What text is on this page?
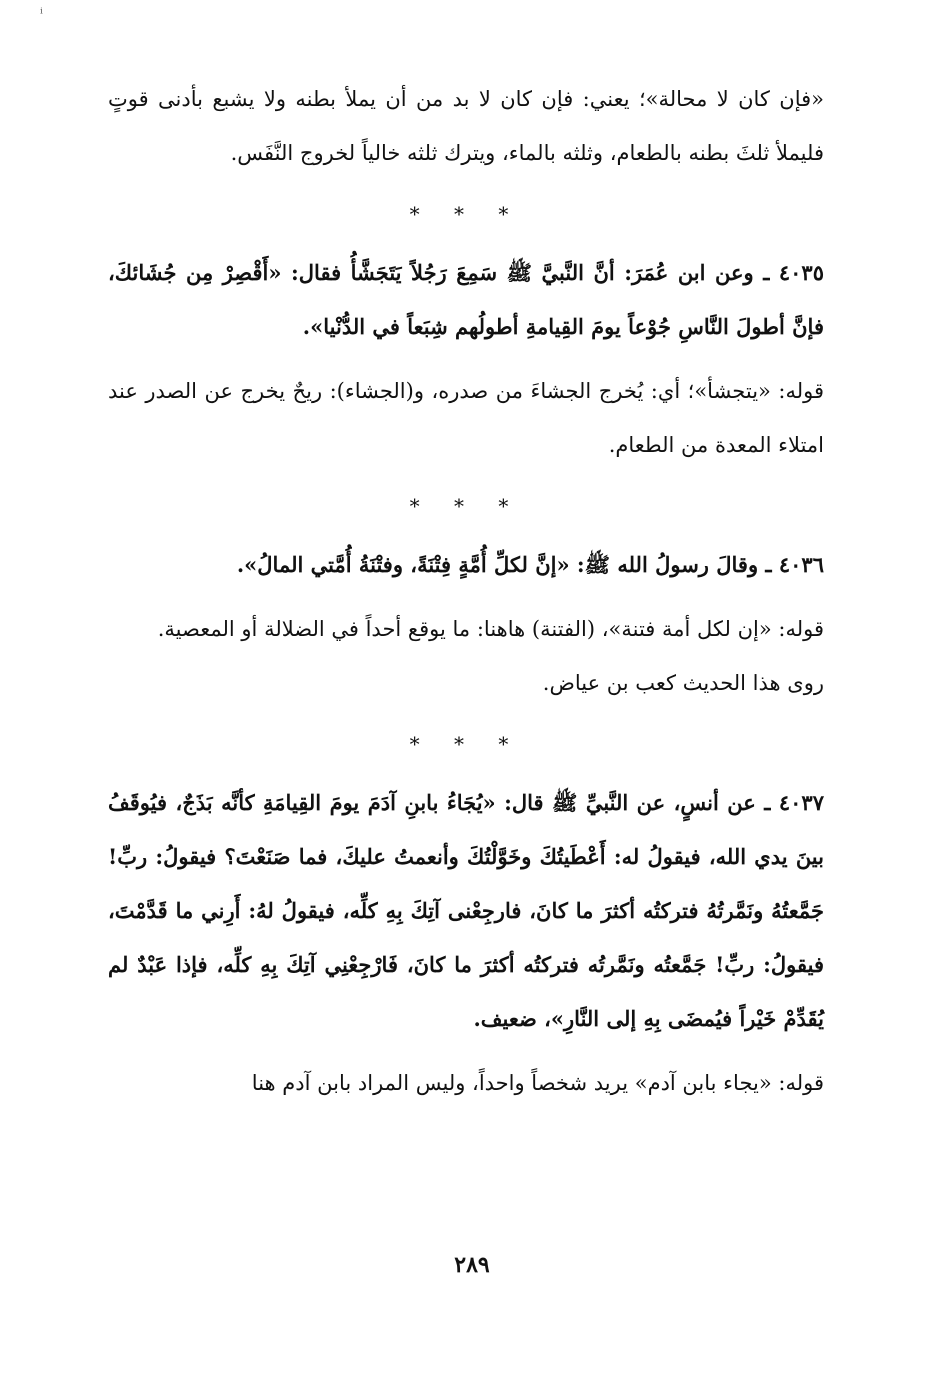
ⁱ

«فإن كان لا محالة»؛ يعني: فإن كان لا بد من أن يملأ بطنه ولا يشبع بأدنى قوتٍ فليملأ ثلثَ بطنه بالطعام، وثلثه بالماء، ويترك ثلثه خالياً لخروج النَّفَس.

* * *

٤٠٣٥ ـ وعن ابن عُمَرَ: أنَّ النَّبيَّ ﷺ سَمِعَ رَجُلاً يَتَجَشَّأُ فقال: «أَقْصِرْ مِن جُشَائكَ، فإنَّ أطولَ النَّاسِ جُوْعاً يومَ القِيامةِ أطولُهم شِبَعاً في الدُّنْيا».

قوله: «يتجشأ»؛ أي: يُخرج الجشاءَ من صدره، و(الجشاء): ريحٌ يخرج عن الصدر عند امتلاء المعدة من الطعام.

* * *

٤٠٣٦ ـ وقالَ رسولُ الله ﷺ: «إنَّ لكلِّ أُمَّةٍ فِتْنَةً، وفتْنَةُ أُمَّتي المالُ».

قوله: «إن لكل أمة فتنة»، (الفتنة) هاهنا: ما يوقع أحداً في الضلالة أو المعصية.

روى هذا الحديث كعب بن عياض.

* * *

٤٠٣٧ ـ عن أنسٍ، عن النَّبيِّ ﷺ قال: «يُجَاءُ بابنِ آدَمَ يومَ القِيامَةِ كأنَّه بَذَجٌ، فيُوقَفُ بينَ يدي الله، فيقولُ له: أَعْطَيتُكَ وخَوَّلْتُكَ وأنعمتُ عليكَ، فما صَنَعْتَ؟ فيقولُ: ربِّ! جَمَّعتُهُ ونَمَّرتُهُ فتركتُه أكثرَ ما كانَ، فارجِعْنى آتِكَ بِهِ كلِّه، فيقولُ لهُ: أَرِني ما قَدَّمْتَ، فيقولُ: ربِّ! جَمَّعتُه ونَمَّرتُه فتركتُه أكثرَ ما كانَ، فَارْجِعْنِي آتِكَ بِهِ كلِّه، فإذا عَبْدٌ لم يُقَدِّمْ خَيْراً فيُمضَى بِهِ إلى النَّارِ»، ضعيف.

قوله: «يجاء بابن آدم» يريد شخصاً واحداً، وليس المراد بابن آدم هنا

٢٨٩
